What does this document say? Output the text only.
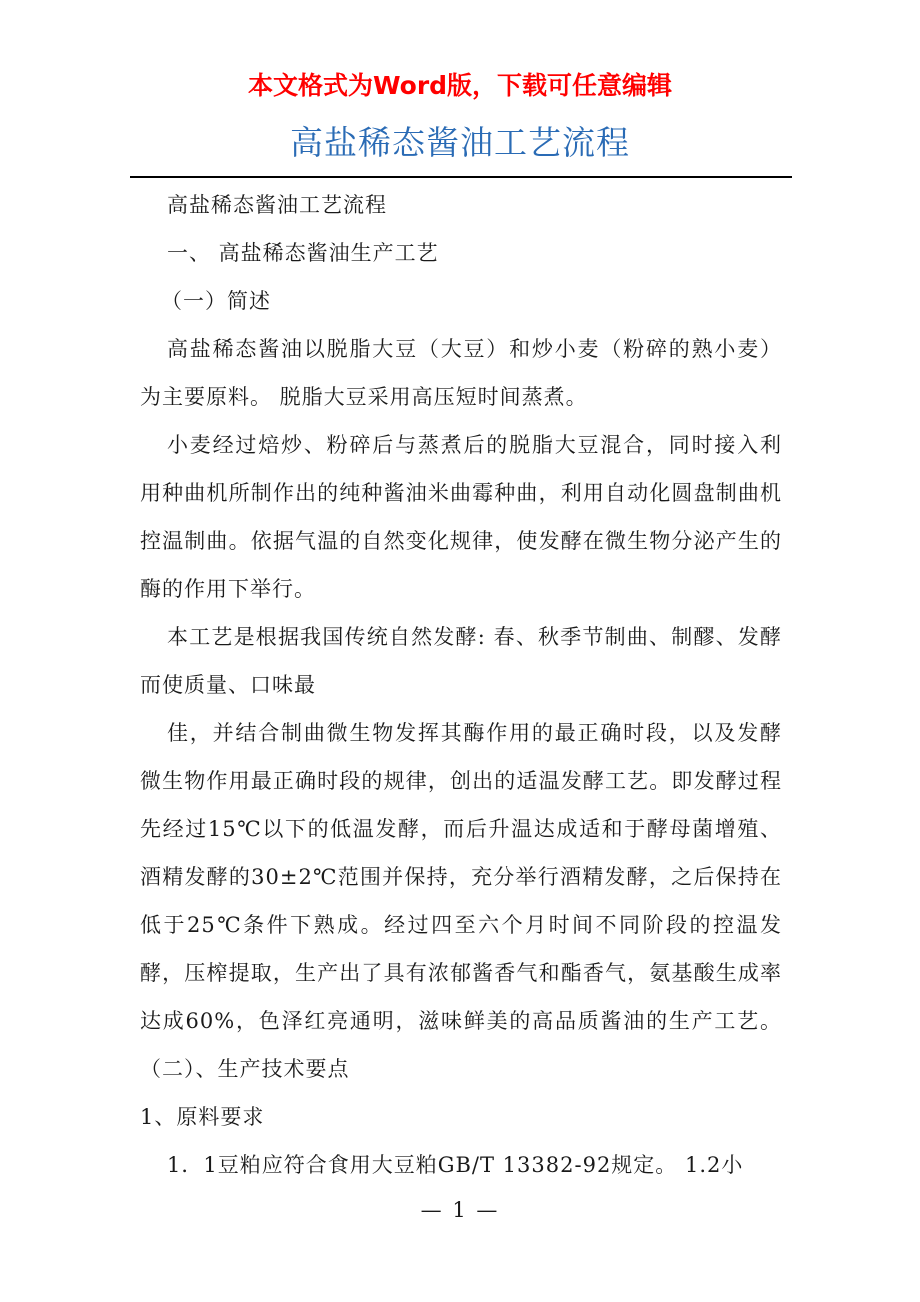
本文格式为Word版，下载可任意编辑
高盐稀态酱油工艺流程

高盐稀态酱油工艺流程

一、 高盐稀态酱油生产工艺

（一）简述

高盐稀态酱油以脱脂大豆（大豆）和炒小麦（粉碎的熟小麦）为主要原料。 脱脂大豆采用高压短时间蒸煮。

小麦经过焙炒、粉碎后与蒸煮后的脱脂大豆混合，同时接入利用种曲机所制作出的纯种酱油米曲霉种曲，利用自动化圆盘制曲机控温制曲。依据气温的自然变化规律，使发酵在微生物分泌产生的酶的作用下举行。

本工艺是根据我国传统自然发酵: 春、秋季节制曲、制醪、发酵而使质量、口味最

佳，并结合制曲微生物发挥其酶作用的最正确时段，以及发酵微生物作用最正确时段的规律，创出的适温发酵工艺。即发酵过程先经过15℃以下的低温发酵，而后升温达成适和于酵母菌增殖、酒精发酵的30±2℃范围并保持，充分举行酒精发酵，之后保持在低于25℃条件下熟成。经过四至六个月时间不同阶段的控温发酵，压榨提取，生产出了具有浓郁酱香气和酯香气，氨基酸生成率达成60%，色泽红亮通明，滋味鲜美的高品质酱油的生产工艺。 （二）、生产技术要点

1、原料要求

1．1豆粕应符合食用大豆粕GB/T 13382-92规定。 1.2小

— 1 —
